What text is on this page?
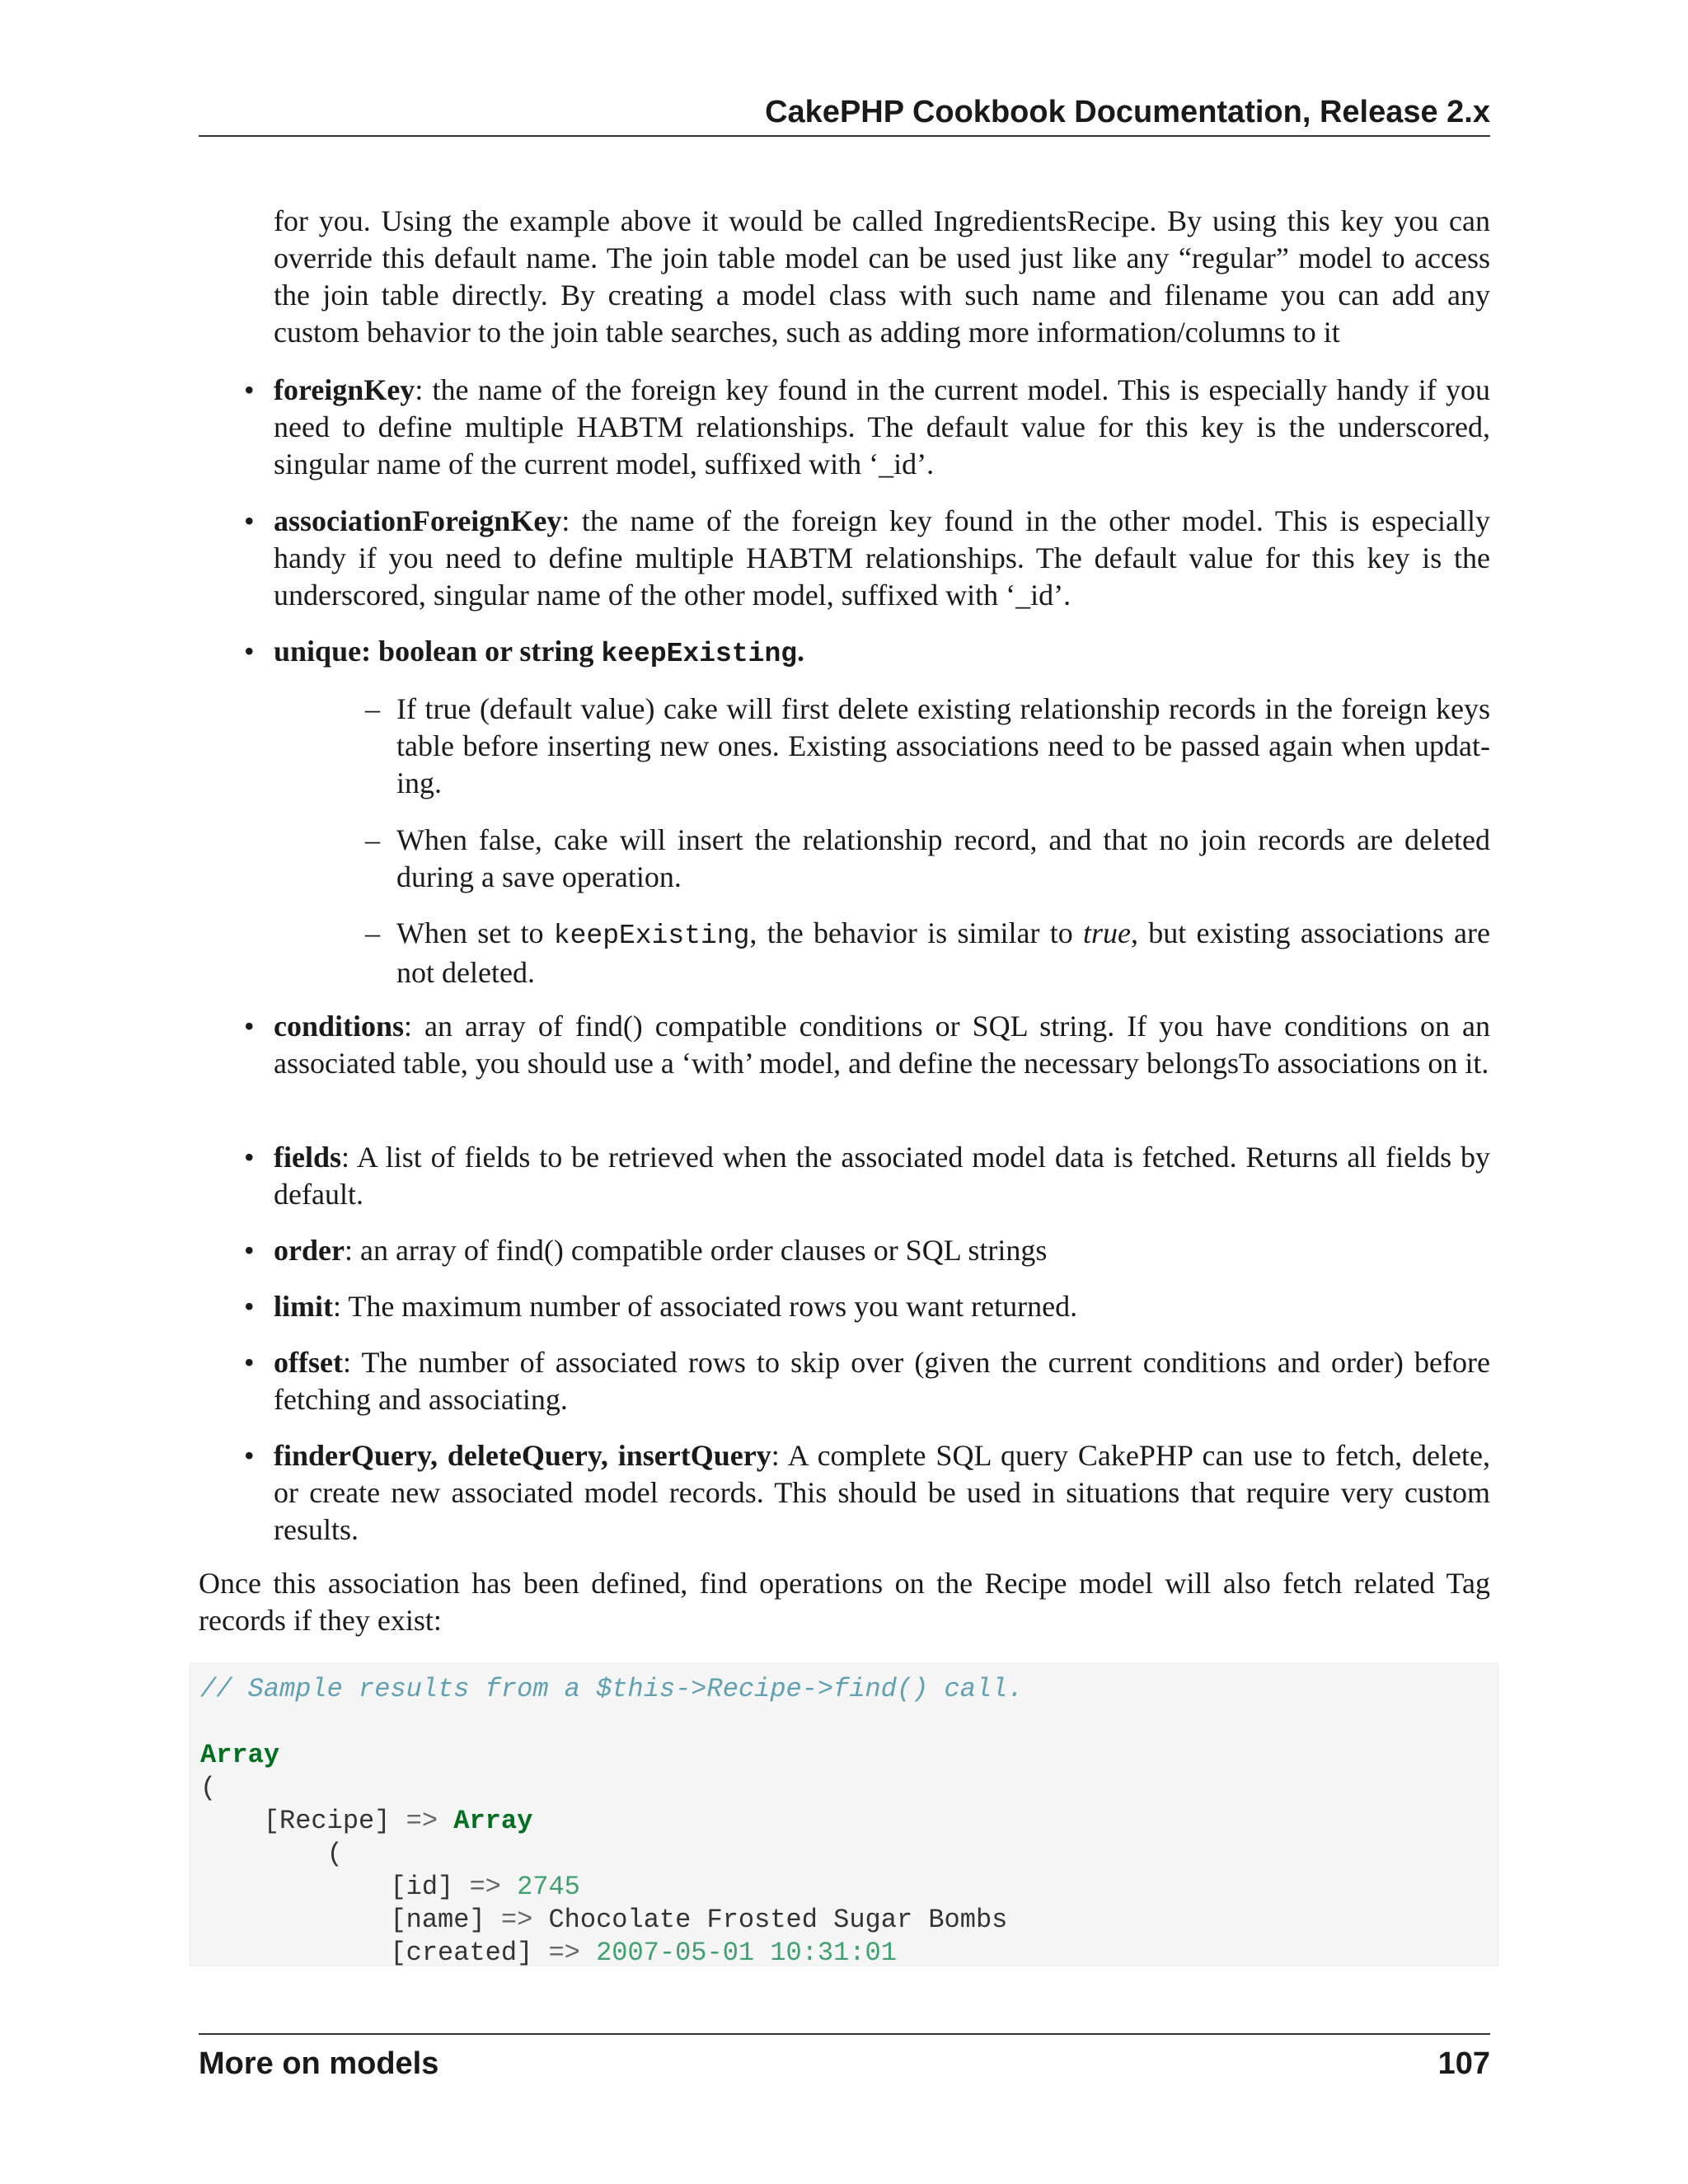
CakePHP Cookbook Documentation, Release 2.x

for you. Using the example above it would be called IngredientsRecipe. By using this key you can override this default name. The join table model can be used just like any “regular” model to access the join table directly. By creating a model class with such name and filename you can add any custom behavior to the join table searches, such as adding more information/columns to it

• foreignKey: the name of the foreign key found in the current model. This is especially handy if you need to define multiple HABTM relationships. The default value for this key is the underscored, singular name of the current model, suffixed with ‘_id’.

• associationForeignKey: the name of the foreign key found in the other model. This is especially handy if you need to define multiple HABTM relationships. The default value for this key is the underscored, singular name of the other model, suffixed with ‘_id’.

• unique: boolean or string keepExisting.

– If true (default value) cake will first delete existing relationship records in the foreign keys table before inserting new ones. Existing associations need to be passed again when updat- ing.

– When false, cake will insert the relationship record, and that no join records are deleted during a save operation.

– When set to keepExisting, the behavior is similar to true, but existing associations are not deleted.

• conditions: an array of find() compatible conditions or SQL string. If you have conditions on an associated table, you should use a ‘with’ model, and define the necessary belongsTo associations on it.

• fields: A list of fields to be retrieved when the associated model data is fetched. Returns all fields by default.

• order: an array of find() compatible order clauses or SQL strings

• limit: The maximum number of associated rows you want returned.

• offset: The number of associated rows to skip over (given the current conditions and order) before fetching and associating.

• finderQuery, deleteQuery, insertQuery: A complete SQL query CakePHP can use to fetch, delete, or create new associated model records. This should be used in situations that require very custom results.

Once this association has been defined, find operations on the Recipe model will also fetch related Tag records if they exist:

// Sample results from a $this->Recipe->find() call.

Array
(
[Recipe] => Array
(
[id] => 2745
[name] => Chocolate Frosted Sugar Bombs
[created] => 2007-05-01 10:31:01
More on models	107
